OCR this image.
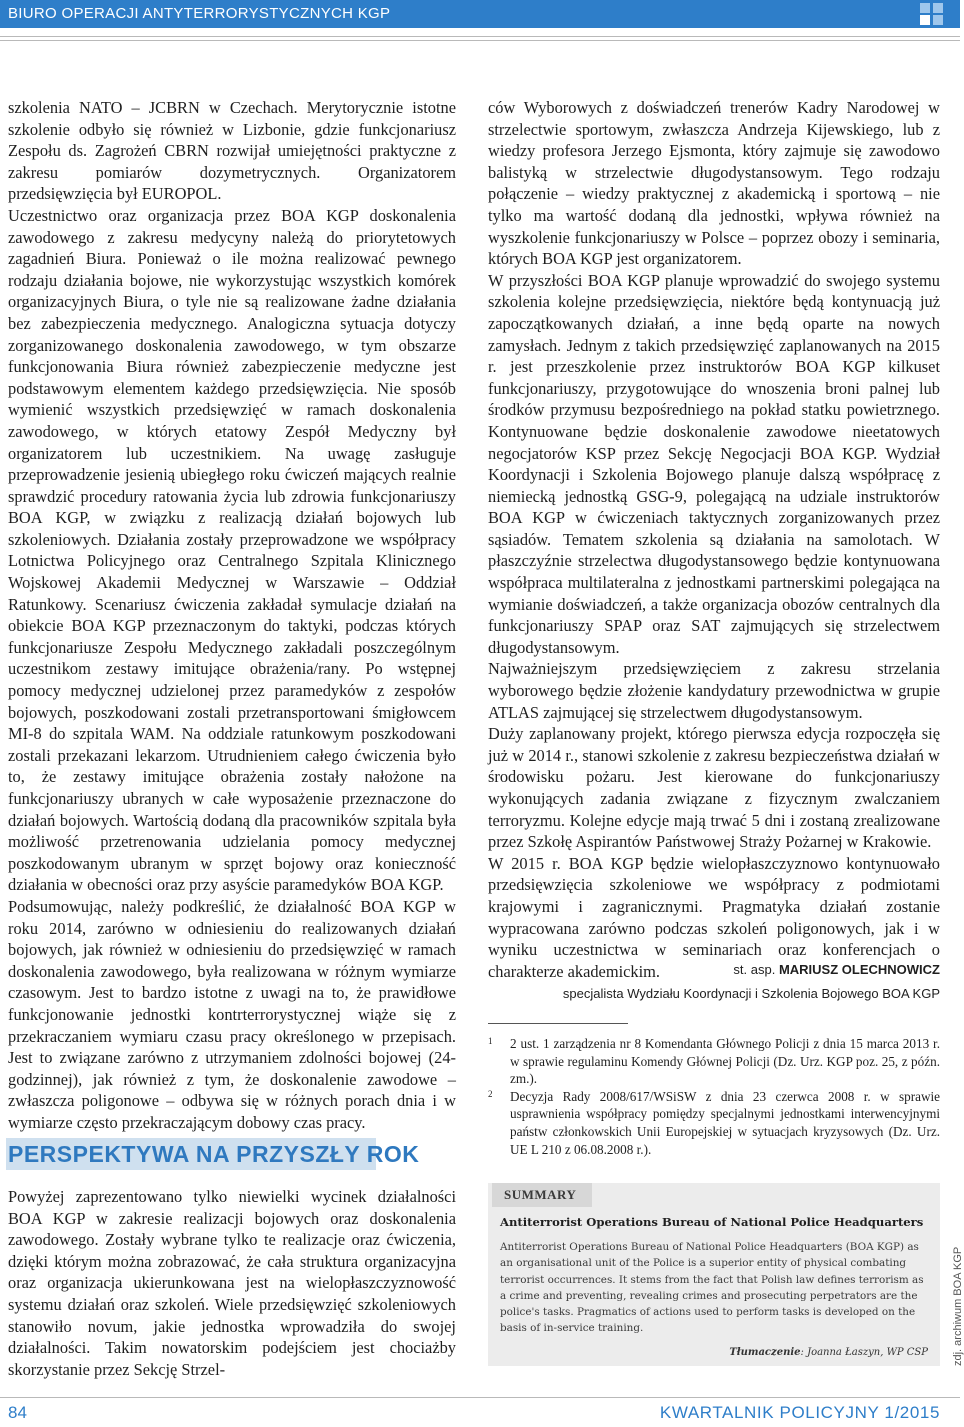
BIURO OPERACJI ANTYTERRORYSTYCZNYCH KGP

szkolenia NATO – JCBRN w Czechach. Merytorycznie istotne szkolenie odbyło się również w Lizbonie, gdzie funkcjonariusz Zespołu ds. Zagrożeń CBRN rozwijał umiejętności praktyczne z zakresu pomiarów dozymetrycznych. Organizatorem przedsięwzięcia był EUROPOL.

Uczestnictwo oraz organizacja przez BOA KGP doskonalenia zawodowego z zakresu medycyny należą do priorytetowych zagadnień Biura. Ponieważ o ile można realizować pewnego rodzaju działania bojowe, nie wykorzystując wszystkich komórek organizacyjnych Biura, o tyle nie są realizowane żadne działania bez zabezpieczenia medycznego. Analogiczna sytuacja dotyczy zorganizowanego doskonalenia zawodowego, w tym obszarze funkcjonowania Biura również zabezpieczenie medyczne jest podstawowym elementem każdego przedsięwzięcia. Nie sposób wymienić wszystkich przedsięwzięć w ramach doskonalenia zawodowego, w których etatowy Zespół Medyczny był organizatorem lub uczestnikiem. Na uwagę zasługuje przeprowadzenie jesienią ubiegłego roku ćwiczeń mających realnie sprawdzić procedury ratowania życia lub zdrowia funkcjonariuszy BOA KGP, w związku z realizacją działań bojowych lub szkoleniowych. Działania zostały przeprowadzone we współpracy Lotnictwa Policyjnego oraz Centralnego Szpitala Klinicznego Wojskowej Akademii Medycznej w Warszawie – Oddział Ratunkowy. Scenariusz ćwiczenia zakładał symulacje działań na obiekcie BOA KGP przeznaczonym do taktyki, podczas których funkcjonariusze Zespołu Medycznego zakładali poszczególnym uczestnikom zestawy imitujące obrażenia/rany. Po wstępnej pomocy medycznej udzielonej przez paramedyków z zespołów bojowych, poszkodowani zostali przetransportowani śmigłowcem MI-8 do szpitala WAM. Na oddziale ratunkowym poszkodowani zostali przekazani lekarzom. Utrudnieniem całego ćwiczenia było to, że zestawy imitujące obrażenia zostały nałożone na funkcjonariuszy ubranych w całe wyposażenie przeznaczone do działań bojowych. Wartością dodaną dla pracowników szpitala była możliwość przetrenowania udzielania pomocy medycznej poszkodowanym ubranym w sprzęt bojowy oraz konieczność działania w obecności oraz przy asyście paramedyków BOA KGP.

Podsumowując, należy podkreślić, że działalność BOA KGP w roku 2014, zarówno w odniesieniu do realizowanych działań bojowych, jak również w odniesieniu do przedsięwzięć w ramach doskonalenia zawodowego, była realizowana w różnym wymiarze czasowym. Jest to bardzo istotne z uwagi na to, że prawidłowe funkcjonowanie jednostki kontrterrorystycznej wiąże się z przekraczaniem wymiaru czasu pracy określonego w przepisach. Jest to związane zarówno z utrzymaniem zdolności bojowej (24-godzinnej), jak również z tym, że doskonalenie zawodowe – zwłaszcza poligonowe – odbywa się w różnych porach dnia i w wymiarze często przekraczającym dobowy czas pracy.

PERSPEKTYWA NA PRZYSZŁY ROK

Powyżej zaprezentowano tylko niewielki wycinek działalności BOA KGP w zakresie realizacji bojowych oraz doskonalenia zawodowego. Zostały wybrane tylko te realizacje oraz ćwiczenia, dzięki którym można zobrazować, że cała struktura organizacyjna oraz organizacja ukierunkowana jest na wielopłaszczyznowość systemu działań oraz szkoleń. Wiele przedsięwzięć szkoleniowych stanowiło novum, jakie jednostka wprowadziła do swojej działalności. Takim nowatorskim podejściem jest chociażby skorzystanie przez Sekcję Strzel-

ców Wyborowych z doświadczeń trenerów Kadry Narodowej w strzelectwie sportowym, zwłaszcza Andrzeja Kijewskiego, lub z wiedzy profesora Jerzego Ejsmonta, który zajmuje się zawodowo balistyką w strzelectwie długodystansowym. Tego rodzaju połączenie – wiedzy praktycznej z akademicką i sportową – nie tylko ma wartość dodaną dla jednostki, wpływa również na wyszkolenie funkcjonariuszy w Polsce – poprzez obozy i seminaria, których BOA KGP jest organizatorem.

W przyszłości BOA KGP planuje wprowadzić do swojego systemu szkolenia kolejne przedsięwzięcia, niektóre będą kontynuacją już zapoczątkowanych działań, a inne będą oparte na nowych zamysłach. Jednym z takich przedsięwzięć zaplanowanych na 2015 r. jest przeszkolenie przez instruktorów BOA KGP kilkuset funkcjonariuszy, przygotowujące do wnoszenia broni palnej lub środków przymusu bezpośredniego na pokład statku powietrznego. Kontynuowane będzie doskonalenie zawodowe nieetatowych negocjatorów KSP przez Sekcję Negocjacji BOA KGP. Wydział Koordynacji i Szkolenia Bojowego planuje dalszą współpracę z niemiecką jednostką GSG-9, polegającą na udziale instruktorów BOA KGP w ćwiczeniach taktycznych zorganizowanych przez sąsiadów. Tematem szkolenia są działania na samolotach. W płaszczyźnie strzelectwa długodystansowego będzie kontynuowana współpraca multilateralna z jednostkami partnerskimi polegająca na wymianie doświadczeń, a także organizacja obozów centralnych dla funkcjonariuszy SPAP oraz SAT zajmujących się strzelectwem długodystansowym.

Najważniejszym przedsięwzięciem z zakresu strzelania wyborowego będzie złożenie kandydatury przewodnictwa w grupie ATLAS zajmującej się strzelectwem długodystansowym.

Duży zaplanowany projekt, którego pierwsza edycja rozpoczęła się już w 2014 r., stanowi szkolenie z zakresu bezpieczeństwa działań w środowisku pożaru. Jest kierowane do funkcjonariuszy wykonujących zadania związane z fizycznym zwalczaniem terroryzmu. Kolejne edycje mają trwać 5 dni i zostaną zrealizowane przez Szkołę Aspirantów Państwowej Straży Pożarnej w Krakowie.

W 2015 r. BOA KGP będzie wielopłaszczyznowo kontynuowało przedsięwzięcia szkoleniowe we współpracy z podmiotami krajowymi i zagranicznymi. Pragmatyka działań zostanie wypracowana zarówno podczas szkoleń poligonowych, jak i w wyniku uczestnictwa w seminariach oraz konferencjach o charakterze akademickim.	st. asp. MARIUSZ OLECHNOWICZ
specjalista Wydziału Koordynacji i Szkolenia Bojowego BOA KGP
1 2 ust. 1 zarządzenia nr 8 Komendanta Głównego Policji z dnia 15 marca 2013 r. w sprawie regulaminu Komendy Głównej Policji (Dz. Urz. KGP poz. 25, z późn. zm.).
2 Decyzja Rady 2008/617/WSiSW z dnia 23 czerwca 2008 r. w sprawie usprawnienia współpracy pomiędzy specjalnymi jednostkami interwencyjnymi państw członkowskich Unii Europejskiej w sytuacjach kryzysowych (Dz. Urz. UE L 210 z 06.08.2008 r.).
SUMMARY
Antiterrorist Operations Bureau of National Police Headquarters
Antiterrorist Operations Bureau of National Police Headquarters (BOA KGP) as an organisational unit of the Police is a superior entity of physical combating terrorist occurrences. It stems from the fact that Polish law defines terrorism as a crime and preventing, revealing crimes and prosecuting perpetrators are the police's tasks. Pragmatics of actions used to perform tasks is developed on the basis of in-service training.
Tłumaczenie: Joanna Łaszyn, WP CSP zdj. archiwum BOA KGP
84	KWARTALNIK POLICYJNY 1/2015
